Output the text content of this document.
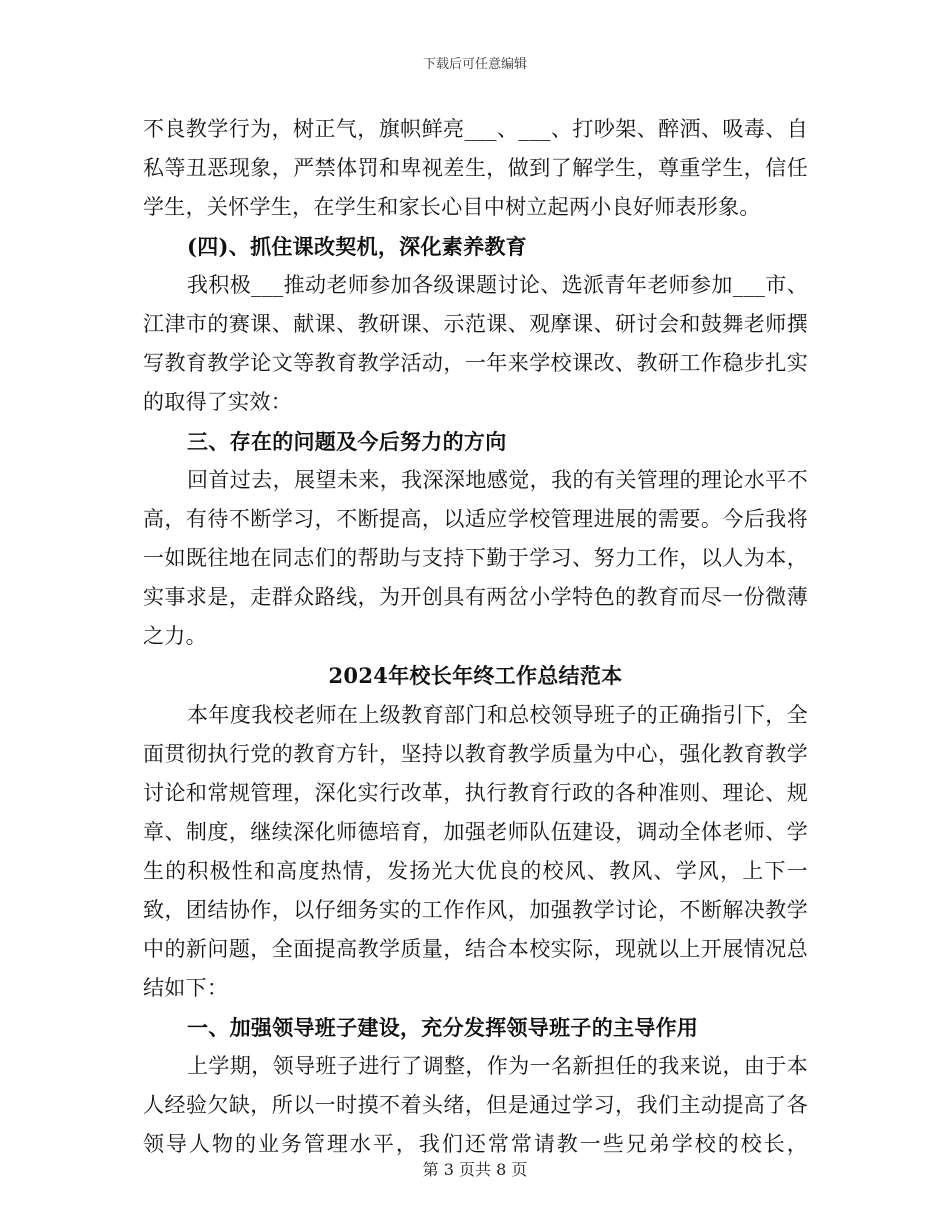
下载后可任意编辑

不良教学行为，树正气，旗帜鲜亮___、___、打吵架、醉洒、吸毒、自私等丑恶现象，严禁体罚和卑视差生，做到了解学生，尊重学生，信任学生，关怀学生，在学生和家长心目中树立起两小良好师表形象。

(四)、抓住课改契机，深化素养教育

我积极___推动老师参加各级课题讨论、选派青年老师参加___市、江津市的赛课、献课、教研课、示范课、观摩课、研讨会和鼓舞老师撰写教育教学论文等教育教学活动，一年来学校课改、教研工作稳步扎实的取得了实效：

三、存在的问题及今后努力的方向

回首过去，展望未来，我深深地感觉，我的有关管理的理论水平不高，有待不断学习，不断提高，以适应学校管理进展的需要。今后我将一如既往地在同志们的帮助与支持下勤于学习、努力工作，以人为本，实事求是，走群众路线，为开创具有两岔小学特色的教育而尽一份微薄之力。

2024年校长年终工作总结范本

本年度我校老师在上级教育部门和总校领导班子的正确指引下，全面贯彻执行党的教育方针，坚持以教育教学质量为中心，强化教育教学讨论和常规管理，深化实行改革，执行教育行政的各种准则、理论、规章、制度，继续深化师德培育，加强老师队伍建设，调动全体老师、学生的积极性和高度热情，发扬光大优良的校风、教风、学风，上下一致，团结协作，以仔细务实的工作作风，加强教学讨论，不断解决教学中的新问题，全面提高教学质量，结合本校实际，现就以上开展情况总结如下：

一、加强领导班子建设，充分发挥领导班子的主导作用

上学期，领导班子进行了调整，作为一名新担任的我来说，由于本人经验欠缺，所以一时摸不着头绪，但是通过学习，我们主动提高了各领导人物的业务管理水平，我们还常常请教一些兄弟学校的校长，

第 3 页共 8 页
